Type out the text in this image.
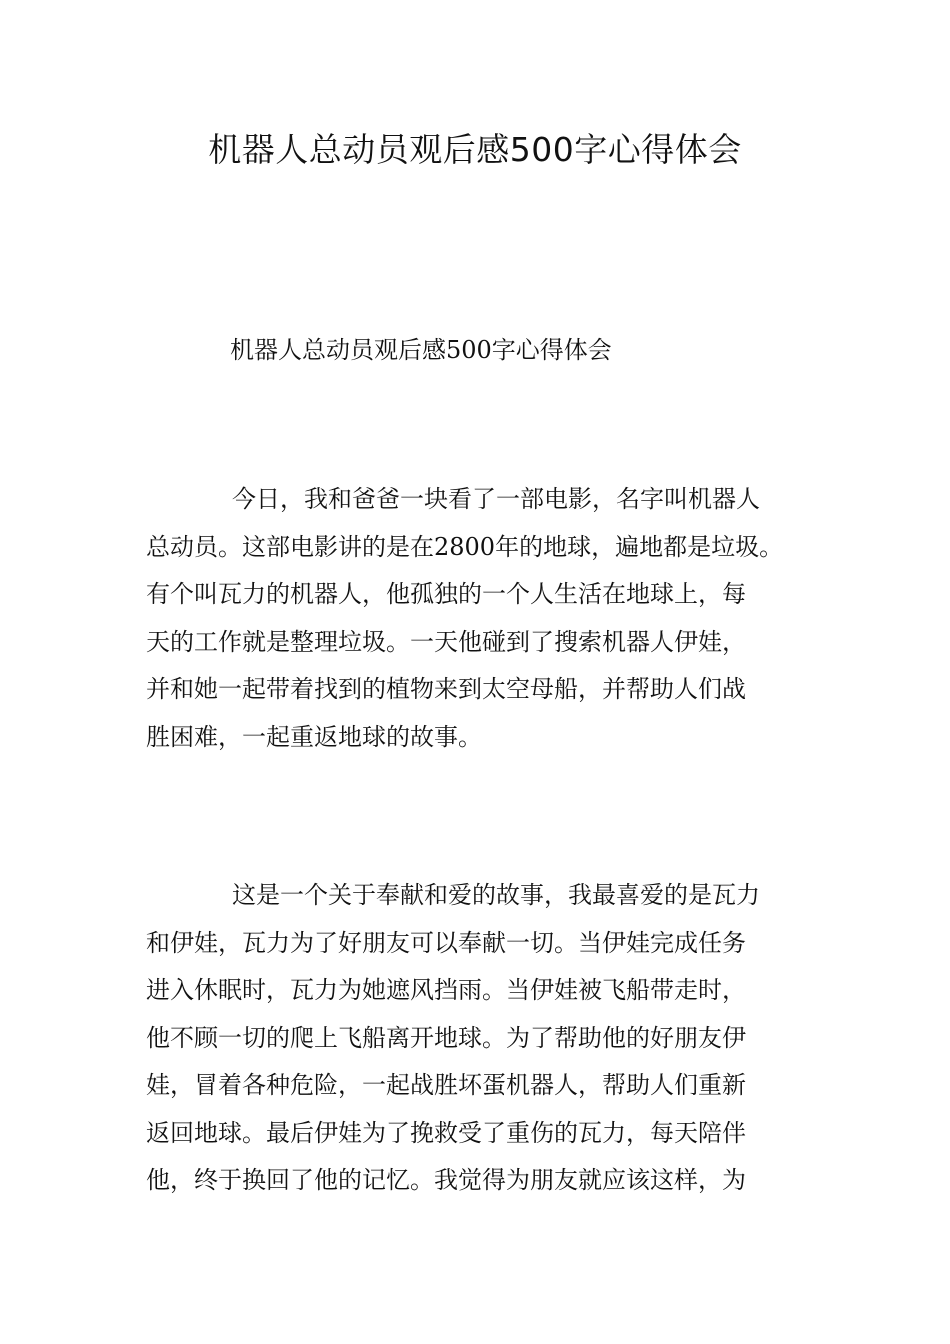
机器人总动员观后感500字心得体会

机器人总动员观后感500字心得体会

今日，我和爸爸一块看了一部电影，名字叫机器人
总动员。这部电影讲的是在2800年的地球，遍地都是垃圾。
有个叫瓦力的机器人，他孤独的一个人生活在地球上，每
天的工作就是整理垃圾。一天他碰到了搜索机器人伊娃，
并和她一起带着找到的植物来到太空母船，并帮助人们战
胜困难，一起重返地球的故事。
这是一个关于奉献和爱的故事，我最喜爱的是瓦力
和伊娃，瓦力为了好朋友可以奉献一切。当伊娃完成任务
进入休眠时，瓦力为她遮风挡雨。当伊娃被飞船带走时，
他不顾一切的爬上飞船离开地球。为了帮助他的好朋友伊
娃，冒着各种危险，一起战胜坏蛋机器人，帮助人们重新
返回地球。最后伊娃为了挽救受了重伤的瓦力，每天陪伴
他，终于换回了他的记忆。我觉得为朋友就应该这样，为
